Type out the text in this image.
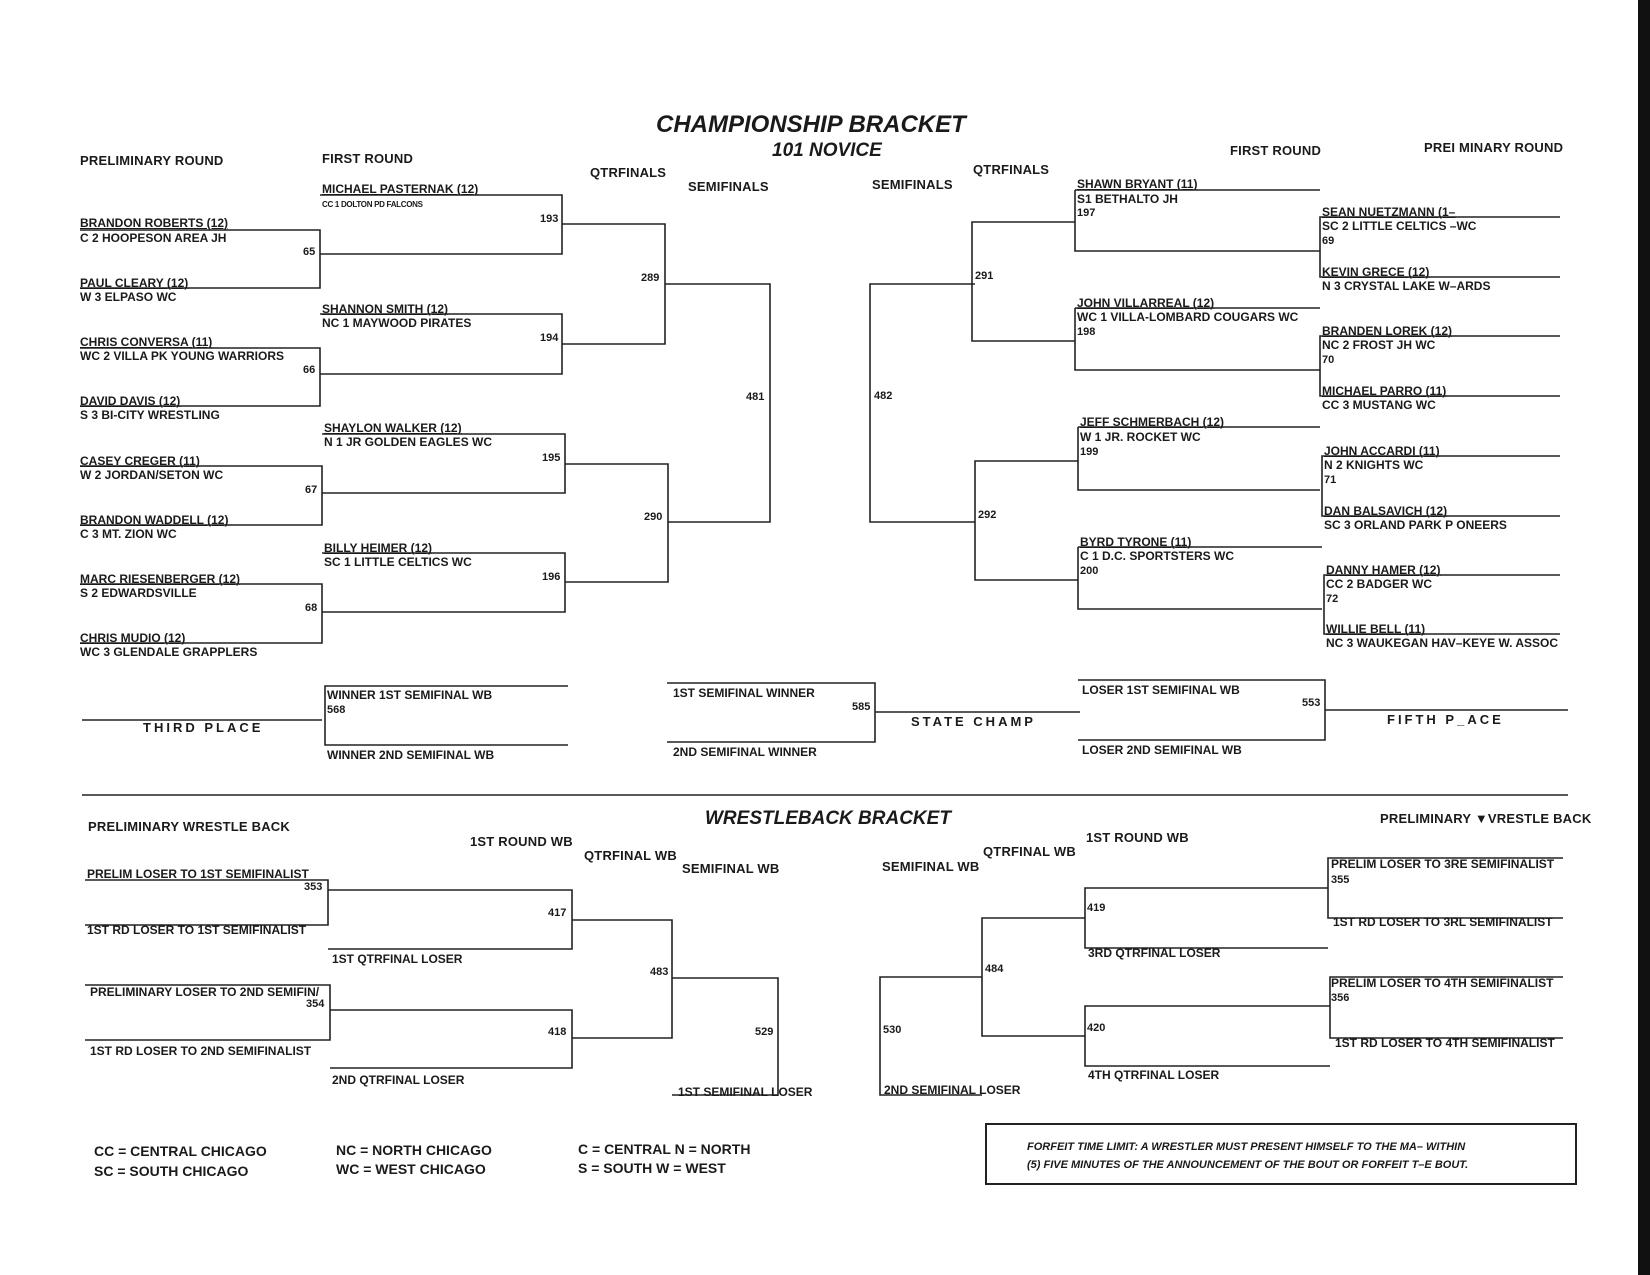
CHAMPIONSHIP BRACKET
101 NOVICE
PRELIMINARY ROUND	FIRST ROUND
QTRFINALS
SEMIFINALS	SEMIFINALS
QTRFINALS
FIRST ROUND	PREI MINARY ROUND
BRANDON ROBERTS (12)
C 2 HOOPESON AREA JH
PAUL CLEARY (12)
W 3 ELPASO WC
CHRIS CONVERSA (11)
WC 2 VILLA PK YOUNG WARRIORS
DAVID DAVIS (12)
S 3 BI-CITY WRESTLING
CASEY CREGER (11)
W 2 JORDAN/SETON WC
BRANDON WADDELL (12)
C 3 MT. ZION WC
MARC RIESENBERGER (12)
S 2 EDWARDSVILLE
CHRIS MUDIO (12)
WC 3 GLENDALE GRAPPLERS
65
66
67
68
MICHAEL PASTERNAK (12)
CC 1 DOLTON PD FALCONS
SHANNON SMITH (12)
NC 1 MAYWOOD PIRATES
SHAYLON WALKER (12)
N 1 JR GOLDEN EAGLES WC
BILLY HEIMER (12)
SC 1 LITTLE CELTICS WC
193
194
195
196
289
290
481	482
291
292
SHAWN BRYANT (11)
S1 BETHALTO JH
197
JOHN VILLARREAL (12)
WC 1 VILLA-LOMBARD COUGARS WC
198
JEFF SCHMERBACH (12)
W 1 JR. ROCKET WC
199
BYRD TYRONE (11)
C 1 D.C. SPORTSTERS WC
200
SEAN NUETZMANN (1–
SC 2 LITTLE CELTICS –WC
69
KEVIN GRECE (12)
N 3 CRYSTAL LAKE W–ARDS
BRANDEN LOREK (12)
NC 2 FROST JH WC
70
MICHAEL PARRO (11)
CC 3 MUSTANG WC
JOHN ACCARDI (11)
N 2 KNIGHTS WC
71
DAN BALSAVICH (12)
SC 3 ORLAND PARK P ONEERS
DANNY HAMER (12)
CC 2 BADGER WC
72
WILLIE BELL (11)
NC 3 WAUKEGAN HAV–KEYE W. ASSOC
THIRD PLACE
WINNER 1ST SEMIFINAL WB
568
WINNER 2ND SEMIFINAL WB
1ST SEMIFINAL WINNER
585
2ND SEMIFINAL WINNER
STATE CHAMP
LOSER 1ST SEMIFINAL WB
553
LOSER 2ND SEMIFINAL WB
FIFTH P_ACE
WRESTLEBACK BRACKET
PRELIMINARY WRESTLE BACK
1ST ROUND WB
QTRFINAL WB
SEMIFINAL WB	SEMIFINAL WB
QTRFINAL WB
1ST ROUND WB
PRELIMINARY ▼VRESTLE BACK
PRELIM LOSER TO 1ST SEMIFINALIST
353
1ST RD LOSER TO 1ST SEMIFINALIST
1ST QTRFINAL LOSER
417
PRELIMINARY LOSER TO 2ND SEMIFIN/
354
1ST RD LOSER TO 2ND SEMIFINALIST
2ND QTRFINAL LOSER
418
483
529
1ST SEMIFINAL LOSER
PRELIM LOSER TO 3RE SEMIFINALIST
355
1ST RD LOSER TO 3RL SEMIFINALIST
3RD QTRFINAL LOSER
419
PRELIM LOSER TO 4TH SEMIFINALIST
356
1ST RD LOSER TO 4TH SEMIFINALIST
4TH QTRFINAL LOSER
420
484
530
2ND SEMIFINAL LOSER
CC = CENTRAL CHICAGO
SC = SOUTH CHICAGO
NC = NORTH CHICAGO
WC = WEST CHICAGO
C = CENTRAL N = NORTH
S = SOUTH W = WEST
FORFEIT TIME LIMIT: A WRESTLER MUST PRESENT HIMSELF TO THE MA– WITHIN
(5) FIVE MINUTES OF THE ANNOUNCEMENT OF THE BOUT OR FORFEIT T–E BOUT.
